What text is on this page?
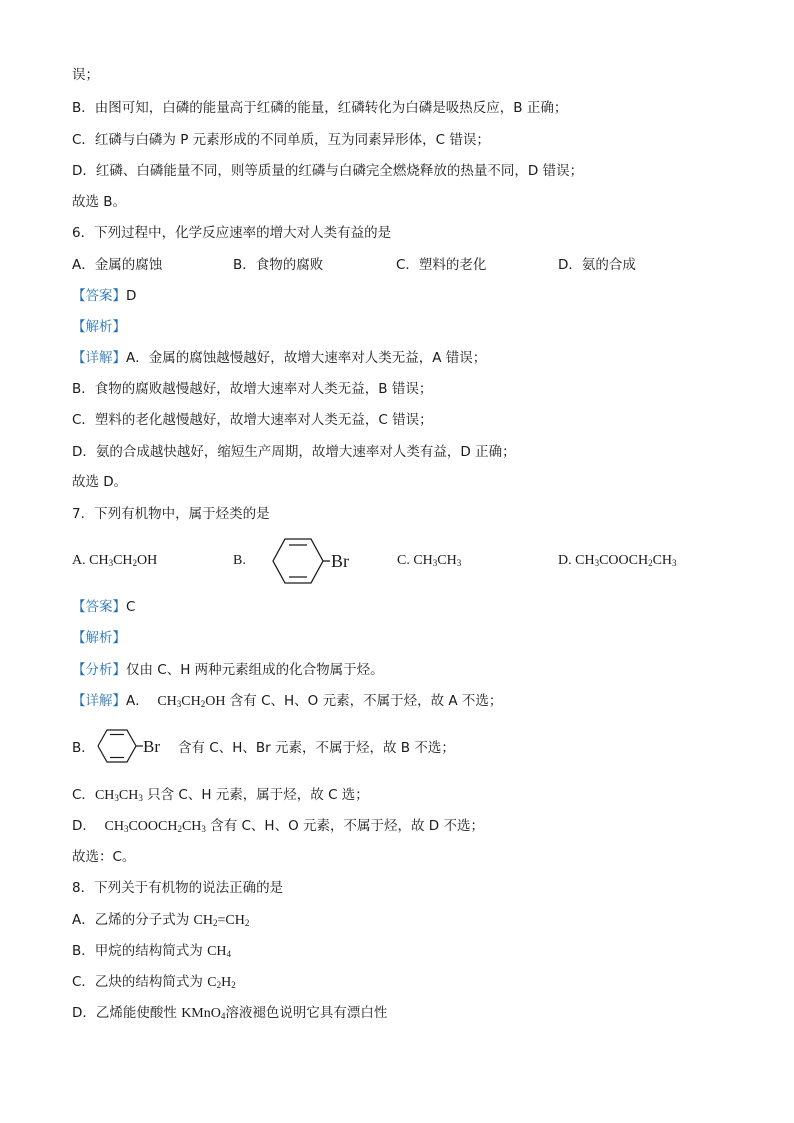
误；
B．由图可知，白磷的能量高于红磷的能量，红磷转化为白磷是吸热反应，B 正确；
C．红磷与白磷为 P 元素形成的不同单质，互为同素异形体，C 错误；
D．红磷、白磷能量不同，则等质量的红磷与白磷完全燃烧释放的热量不同，D 错误；
故选 B。
6．下列过程中，化学反应速率的增大对人类有益的是
A．金属的腐蚀	B．食物的腐败	C．塑料的老化	D．氨的合成
【答案】D
【解析】
【详解】A．金属的腐蚀越慢越好，故增大速率对人类无益，A 错误；
B．食物的腐败越慢越好，故增大速率对人类无益，B 错误；
C．塑料的老化越慢越好，故增大速率对人类无益，C 错误；
D．氨的合成越快越好，缩短生产周期，故增大速率对人类有益，D 正确；
故选 D。
7．下列有机物中，属于烃类的是
A. $CH_3CH_2OH$	B.	Br	C. $CH_3CH_3$	D. $CH_3COOCH_2CH_3$
【答案】C
【解析】
【分析】仅由 C、H 两种元素组成的化合物属于烃。
【详解】A． $CH_3CH_2OH$ 含有 C、H、O 元素，不属于烃，故 A 不选；
B．	Br 含有 C、H、Br 元素，不属于烃，故 B 不选；
C．$CH_3CH_3$ 只含 C、H 元素，属于烃，故 C 选；
D． $CH_3COOCH_2CH_3$ 含有 C、H、O 元素，不属于烃，故 D 不选；
故选：C。
8．下列关于有机物的说法正确的是
A．乙烯的分子式为 $CH_2=CH_2$
B．甲烷的结构简式为 $CH_4$
C．乙炔的结构简式为 $C_2H_2$
D．乙烯能使酸性 KMnO$_4$溶液褪色说明它具有漂白性
